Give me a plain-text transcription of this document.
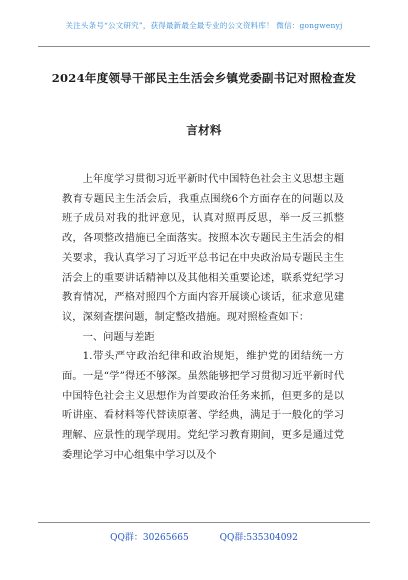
关注头条号“公文研究”，获得最新最全最专业的公文资料库！ 微信：gongwenyj
2024年度领导干部民主生活会乡镇党委副书记对照检查发
言材料

上年度学习贯彻习近平新时代中国特色社会主义思想主题教育专题民主生活会后，我重点围绕6个方面存在的问题以及班子成员对我的批评意见，认真对照再反思，举一反三抓整改，各项整改措施已全面落实。按照本次专题民主生活会的相关要求，我认真学习了习近平总书记在中央政治局专题民主生活会上的重要讲话精神以及其他相关重要论述，联系党纪学习教育情况，严格对照四个方面内容开展谈心谈话，征求意见建议，深刻查摆问题，制定整改措施。现对照检查如下：

一、问题与差距

1.带头严守政治纪律和政治规矩，维护党的团结统一方面。一是“学”得还不够深。虽然能够把学习贯彻习近平新时代中国特色社会主义思想作为首要政治任务来抓，但更多的是以听讲座、看材料等代替读原著、学经典，满足于一般化的学习理解、应景性的现学现用。党纪学习教育期间，更多是通过党委理论学习中心组集中学习以及个

QQ群：30265665	QQ群:535304092
